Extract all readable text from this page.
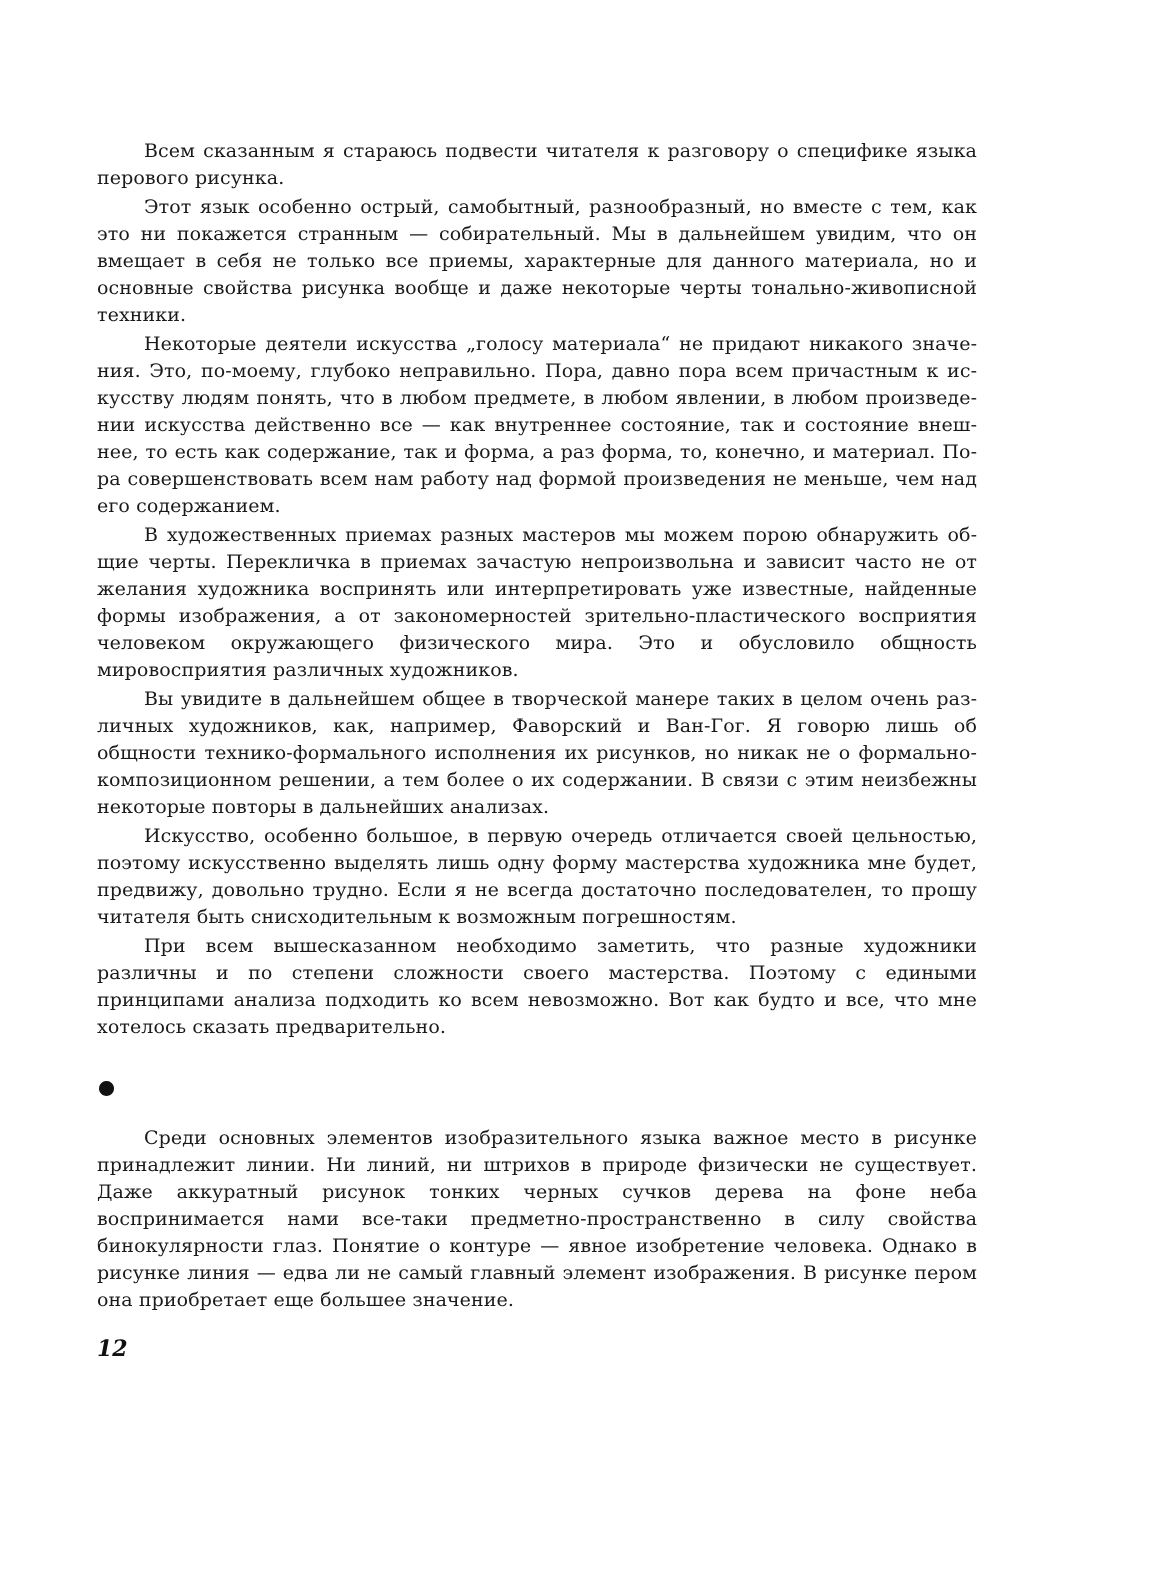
Всем сказанным я стараюсь подвести читателя к разговору о специфике языка перового рисунка.

Этот язык особенно острый, самобытный, разнообразный, но вместе с тем, как это ни покажется странным — собирательный. Мы в дальнейшем увидим, что он вмещает в себя не только все приемы, характерные для данного материала, но и основные свойства рисунка вообще и даже некоторые черты тонально-живописной техники.

Некоторые деятели искусства „голосу материала“ не придают никакого значения. Это, по-моему, глубоко неправильно. Пора, давно пора всем причастным к искусству людям понять, что в любом предмете, в любом явлении, в любом произведении искусства действенно все — как внутреннее состояние, так и состояние внешнее, то есть как содержание, так и форма, а раз форма, то, конечно, и материал. Пора совершенствовать всем нам работу над формой произведения не меньше, чем над его содержанием.

В художественных приемах разных мастеров мы можем порою обнаружить общие черты. Перекличка в приемах зачастую непроизвольна и зависит часто не от желания художника воспринять или интерпретировать уже известные, найденные формы изображения, а от закономерностей зрительно-пластического восприятия человеком окружающего физического мира. Это и обусловило общность мировосприятия различных художников.

Вы увидите в дальнейшем общее в творческой манере таких в целом очень различных художников, как, например, Фаворский и Ван-Гог. Я говорю лишь об общности технико-формального исполнения их рисунков, но никак не о формально-композиционном решении, а тем более о их содержании. В связи с этим неизбежны некоторые повторы в дальнейших анализах.

Искусство, особенно большое, в первую очередь отличается своей цельностью, поэтому искусственно выделять лишь одну форму мастерства художника мне будет, предвижу, довольно трудно. Если я не всегда достаточно последователен, то прошу читателя быть снисходительным к возможным погрешностям.

При всем вышесказанном необходимо заметить, что разные художники различны и по степени сложности своего мастерства. Поэтому с едиными принципами анализа подходить ко всем невозможно. Вот как будто и все, что мне хотелось сказать предварительно.

Среди основных элементов изобразительного языка важное место в рисунке принадлежит линии. Ни линий, ни штрихов в природе физически не существует. Даже аккуратный рисунок тонких черных сучков дерева на фоне неба воспринимается нами все-таки предметно-пространственно в силу свойства бинокулярности глаз. Понятие о контуре — явное изобретение человека. Однако в рисунке линия — едва ли не самый главный элемент изображения. В рисунке пером она приобретает еще большее значение.

12
